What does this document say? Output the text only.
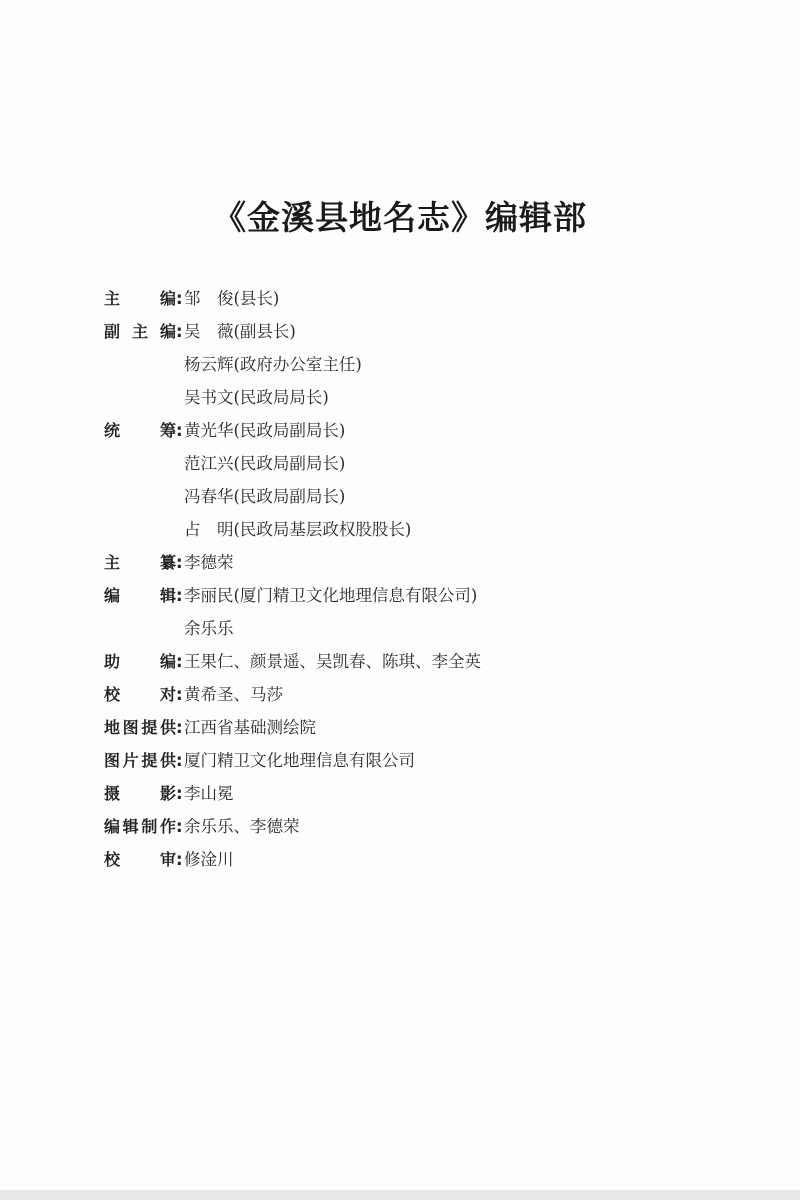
《金溪县地名志》编辑部
主 编 : 邹　俊(县长)
副 主 编 : 吴　薇(副县长)
杨云辉(政府办公室主任)
吴书文(民政局局长)
统 筹 : 黄光华(民政局副局长)
范江兴(民政局副局长)
冯春华(民政局副局长)
占　明(民政局基层政权股股长)
主 纂 : 李德荣
编 辑 : 李丽民(厦门精卫文化地理信息有限公司)
余乐乐
助 编 : 王果仁、颜景遥、吴凯春、陈琪、李全英
校 对 : 黄希圣、马莎
地 图 提 供 : 江西省基础测绘院
图 片 提 供 : 厦门精卫文化地理信息有限公司
摄 影 : 李山冕
编 辑 制 作 : 余乐乐、李德荣
校 审 : 修淦川
